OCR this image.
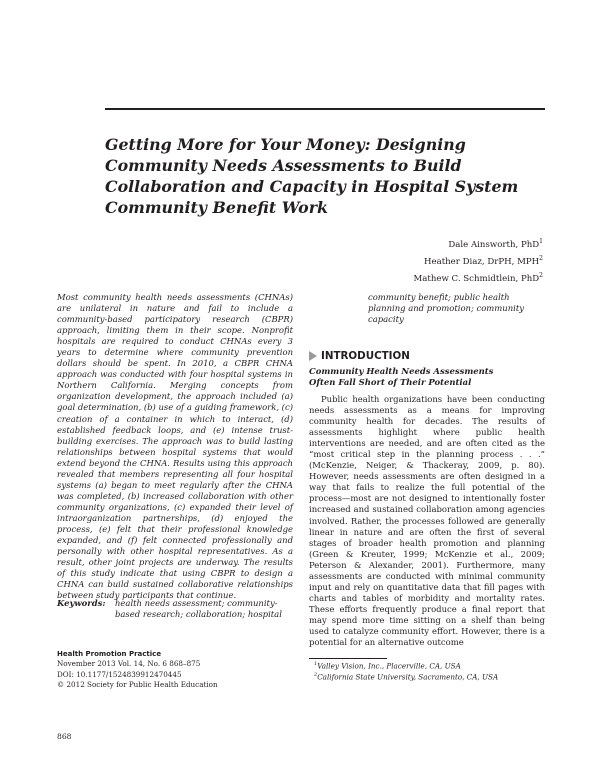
Getting More for Your Money: Designing Community Needs Assessments to Build Collaboration and Capacity in Hospital System Community Benefit Work
Dale Ainsworth, PhD$^1$
Heather Diaz, DrPH, MPH$^2$
Mathew C. Schmidtlein, PhD$^2$
Most community health needs assessments (CHNAs) are unilateral in nature and fail to include a community-based participatory research (CBPR) approach, limiting them in their scope. Nonprofit hospitals are required to conduct CHNAs every 3 years to determine where community prevention dollars should be spent. In 2010, a CBPR CHNA approach was conducted with four hospital systems in Northern California. Merging concepts from organization development, the approach included (a) goal determination, (b) use of a guiding framework, (c) creation of a container in which to interact, (d) established feedback loops, and (e) intense trust-building exercises. The approach was to build lasting relationships between hospital systems that would extend beyond the CHNA. Results using this approach revealed that members representing all four hospital systems (a) began to meet regularly after the CHNA was completed, (b) increased collaboration with other community organizations, (c) expanded their level of intraorganization partnerships, (d) enjoyed the process, (e) felt that their professional knowledge expanded, and (f) felt connected professionally and personally with other hospital representatives. As a result, other joint projects are underway. The results of this study indicate that using CBPR to design a CHNA can build sustained collaborative relationships between study participants that continue.
Keywords: health needs assessment; community-based research; collaboration; hospital
community benefit; public health planning and promotion; community capacity
Health Promotion Practice
November 2013 Vol. 14, No. 6 868–875
DOI: 10.1177/1524839912470445
© 2012 Society for Public Health Education
868
INTRODUCTION
Community Health Needs Assessments
Often Fall Short of Their Potential
Public health organizations have been conducting needs assessments as a means for improving community health for decades. The results of assessments highlight where public health interventions are needed, and are often cited as the “most critical step in the planning process . . .” (McKenzie, Neiger, & Thackeray, 2009, p. 80). However, needs assessments are often designed in a way that fails to realize the full potential of the process—most are not designed to intentionally foster increased and sustained collaboration among agencies involved. Rather, the processes followed are generally linear in nature and are often the first of several stages of broader health promotion and planning (Green & Kreuter, 1999; McKenzie et al., 2009; Peterson & Alexander, 2001). Furthermore, many assessments are conducted with minimal community input and rely on quantitative data that fill pages with charts and tables of morbidity and mortality rates. These efforts frequently produce a final report that may spend more time sitting on a shelf than being used to catalyze community effort. However, there is a potential for an alternative outcome
$^1$Valley Vision, Inc., Placerville, CA, USA
$^2$California State University, Sacramento, CA, USA
